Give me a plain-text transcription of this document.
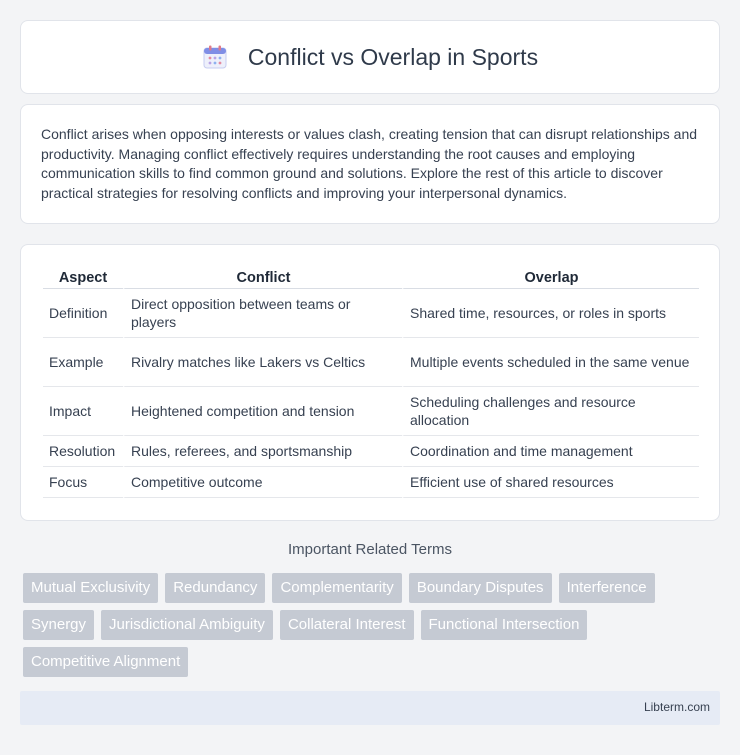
Conflict vs Overlap in Sports

Conflict arises when opposing interests or values clash, creating tension that can disrupt relationships and productivity. Managing conflict effectively requires understanding the root causes and employing communication skills to find common ground and solutions. Explore the rest of this article to discover practical strategies for resolving conflicts and improving your interpersonal dynamics.

Aspect	Conflict	Overlap
Definition	Direct opposition between teams or players	Shared time, resources, or roles in sports
Example	Rivalry matches like Lakers vs Celtics	Multiple events scheduled in the same venue
Impact	Heightened competition and tension	Scheduling challenges and resource allocation
Resolution	Rules, referees, and sportsmanship	Coordination and time management
Focus	Competitive outcome	Efficient use of shared resources
Important Related Terms
Mutual Exclusivity	Redundancy	Complementarity	Boundary Disputes	Interference
Synergy	Jurisdictional Ambiguity	Collateral Interest	Functional Intersection
Competitive Alignment
Libterm.com
